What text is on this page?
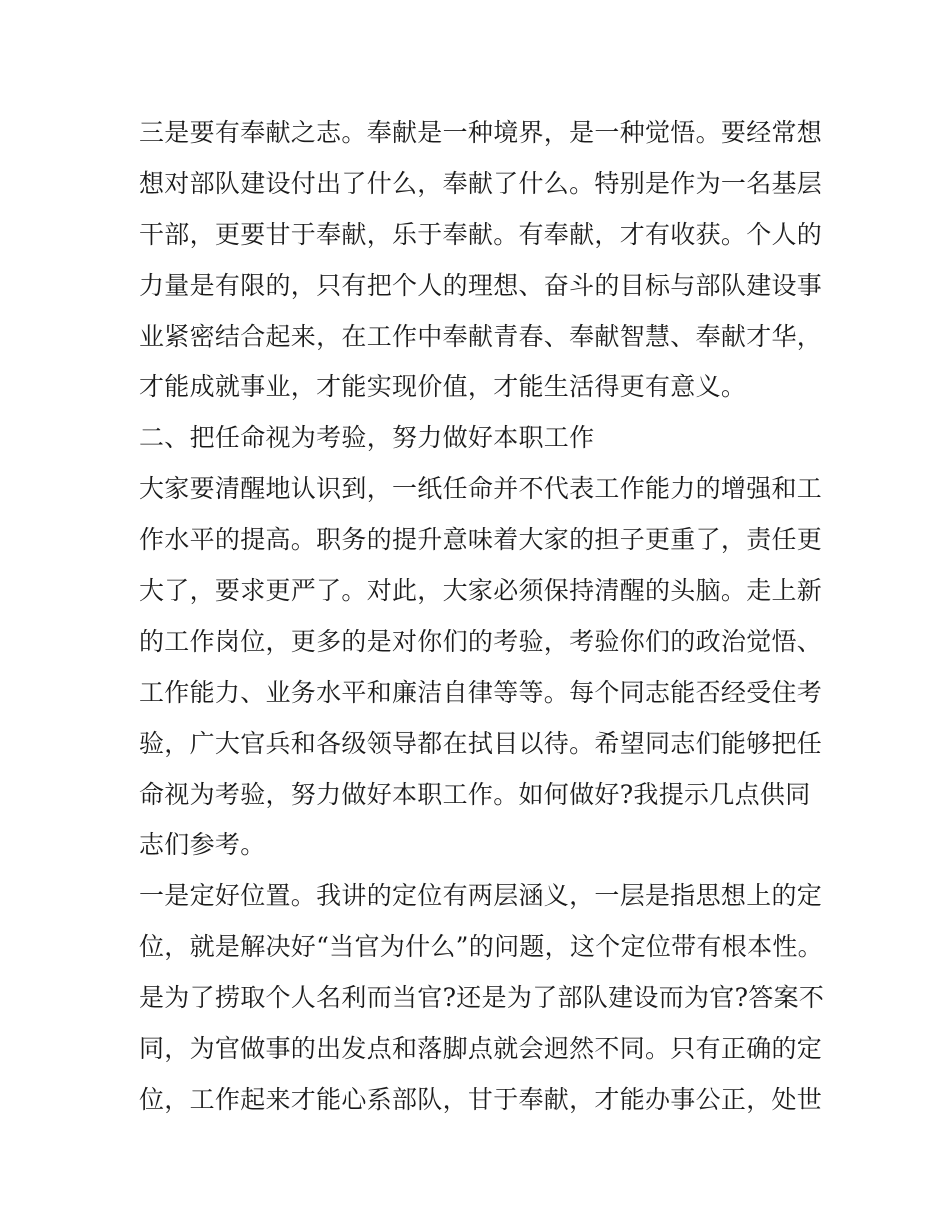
三是要有奉献之志。奉献是一种境界，是一种觉悟。要经常想
想对部队建设付出了什么，奉献了什么。特别是作为一名基层
干部，更要甘于奉献，乐于奉献。有奉献，才有收获。个人的
力量是有限的，只有把个人的理想、奋斗的目标与部队建设事
业紧密结合起来，在工作中奉献青春、奉献智慧、奉献才华，
才能成就事业，才能实现价值，才能生活得更有意义。
二、把任命视为考验，努力做好本职工作
大家要清醒地认识到，一纸任命并不代表工作能力的增强和工
作水平的提高。职务的提升意味着大家的担子更重了，责任更
大了，要求更严了。对此，大家必须保持清醒的头脑。走上新
的工作岗位，更多的是对你们的考验，考验你们的政治觉悟、
工作能力、业务水平和廉洁自律等等。每个同志能否经受住考
验，广大官兵和各级领导都在拭目以待。希望同志们能够把任
命视为考验，努力做好本职工作。如何做好?我提示几点供同
志们参考。
一是定好位置。我讲的定位有两层涵义，一层是指思想上的定
位，就是解决好“当官为什么”的问题，这个定位带有根本性。
是为了捞取个人名利而当官?还是为了部队建设而为官?答案不
同，为官做事的出发点和落脚点就会迥然不同。只有正确的定
位，工作起来才能心系部队，甘于奉献，才能办事公正，处世
